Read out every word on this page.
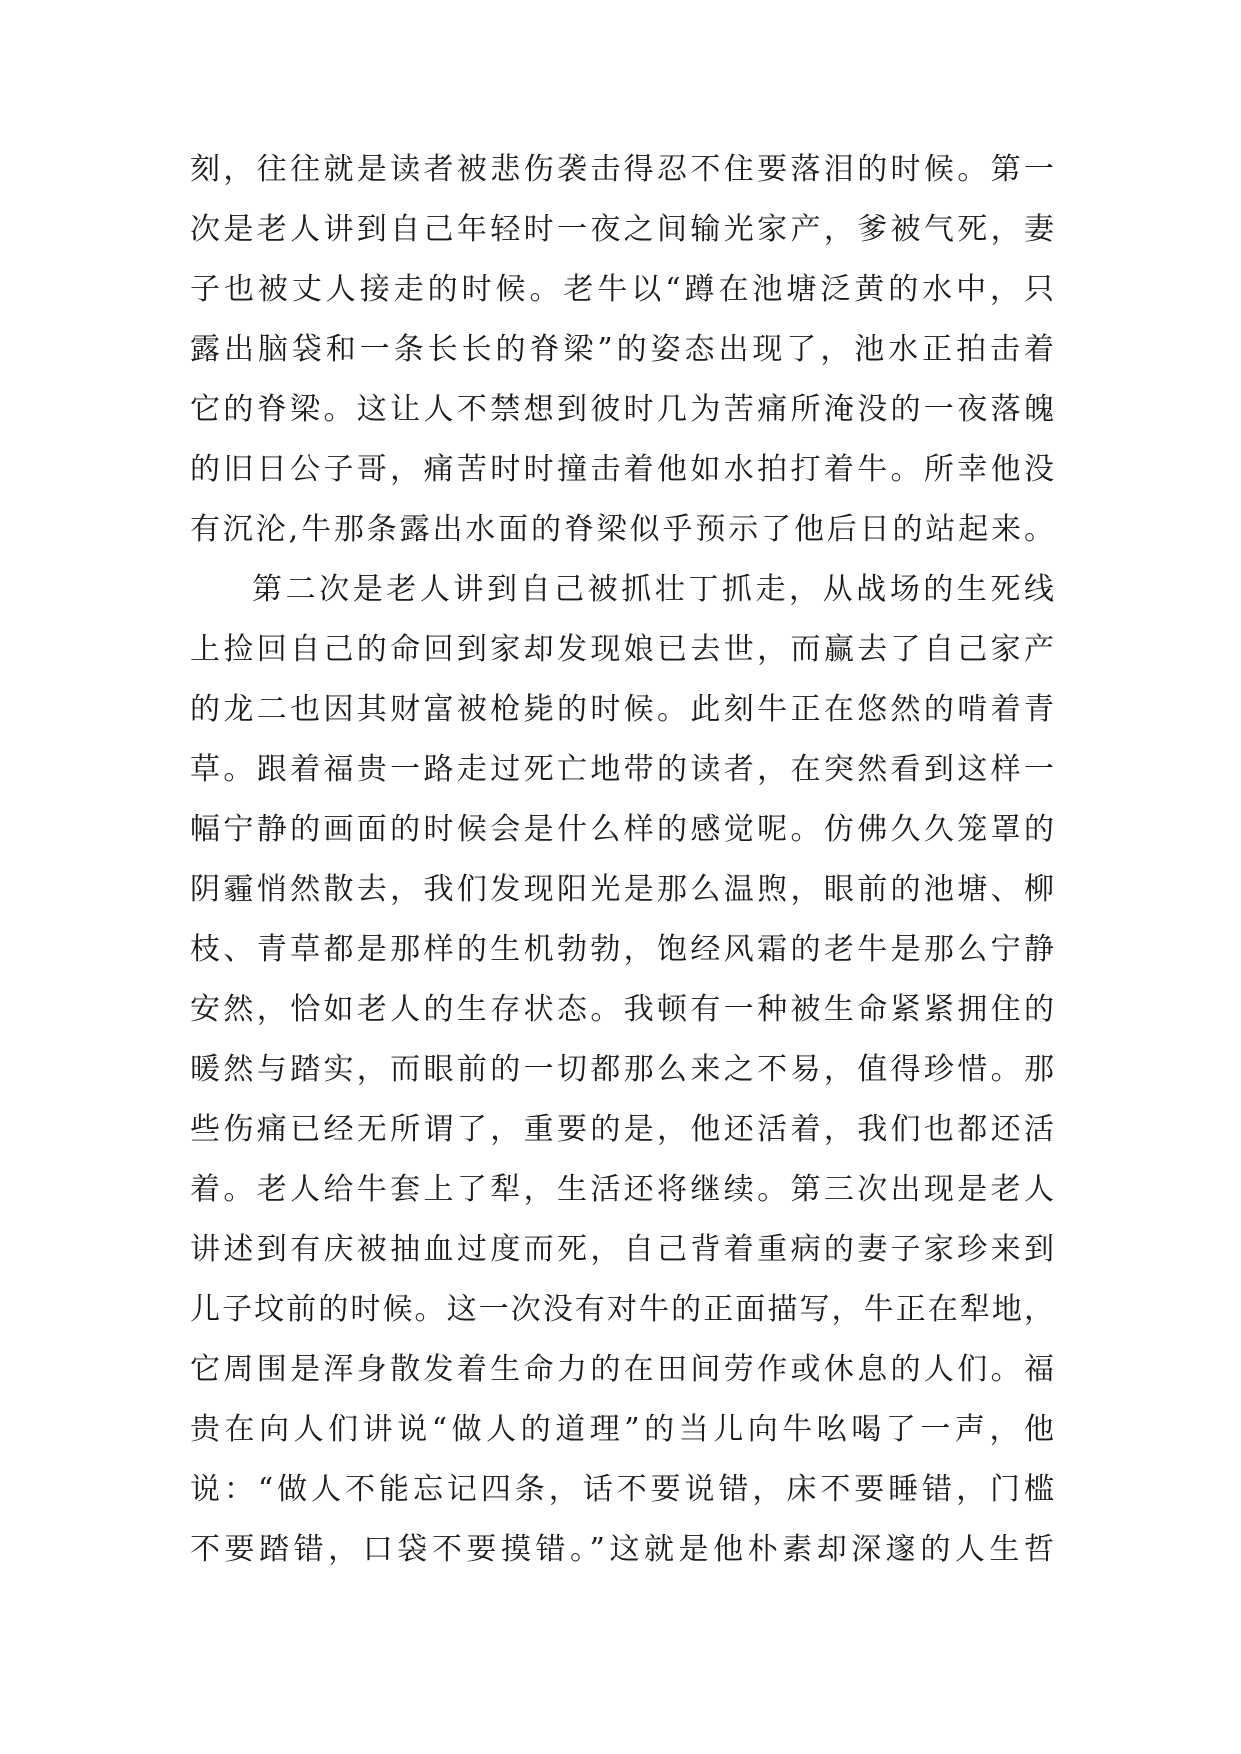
刻，往往就是读者被悲伤袭击得忍不住要落泪的时候。第一
次是老人讲到自己年轻时一夜之间输光家产，爹被气死，妻
子也被丈人接走的时候。老牛以“蹲在池塘泛黄的水中，只
露出脑袋和一条长长的脊梁”的姿态出现了，池水正拍击着
它的脊梁。这让人不禁想到彼时几为苦痛所淹没的一夜落魄
的旧日公子哥，痛苦时时撞击着他如水拍打着牛。所幸他没
有沉沦,牛那条露出水面的脊梁似乎预示了他后日的站起来。
第二次是老人讲到自己被抓壮丁抓走，从战场的生死线
上捡回自己的命回到家却发现娘已去世，而赢去了自己家产
的龙二也因其财富被枪毙的时候。此刻牛正在悠然的啃着青
草。跟着福贵一路走过死亡地带的读者，在突然看到这样一
幅宁静的画面的时候会是什么样的感觉呢。仿佛久久笼罩的
阴霾悄然散去，我们发现阳光是那么温煦，眼前的池塘、柳
枝、青草都是那样的生机勃勃，饱经风霜的老牛是那么宁静
安然，恰如老人的生存状态。我顿有一种被生命紧紧拥住的
暖然与踏实，而眼前的一切都那么来之不易，值得珍惜。那
些伤痛已经无所谓了，重要的是，他还活着，我们也都还活
着。老人给牛套上了犁，生活还将继续。第三次出现是老人
讲述到有庆被抽血过度而死，自己背着重病的妻子家珍来到
儿子坟前的时候。这一次没有对牛的正面描写，牛正在犁地，
它周围是浑身散发着生命力的在田间劳作或休息的人们。福
贵在向人们讲说“做人的道理”的当儿向牛吆喝了一声，他
说：“做人不能忘记四条，话不要说错，床不要睡错，门槛
不要踏错，口袋不要摸错。”这就是他朴素却深邃的人生哲
